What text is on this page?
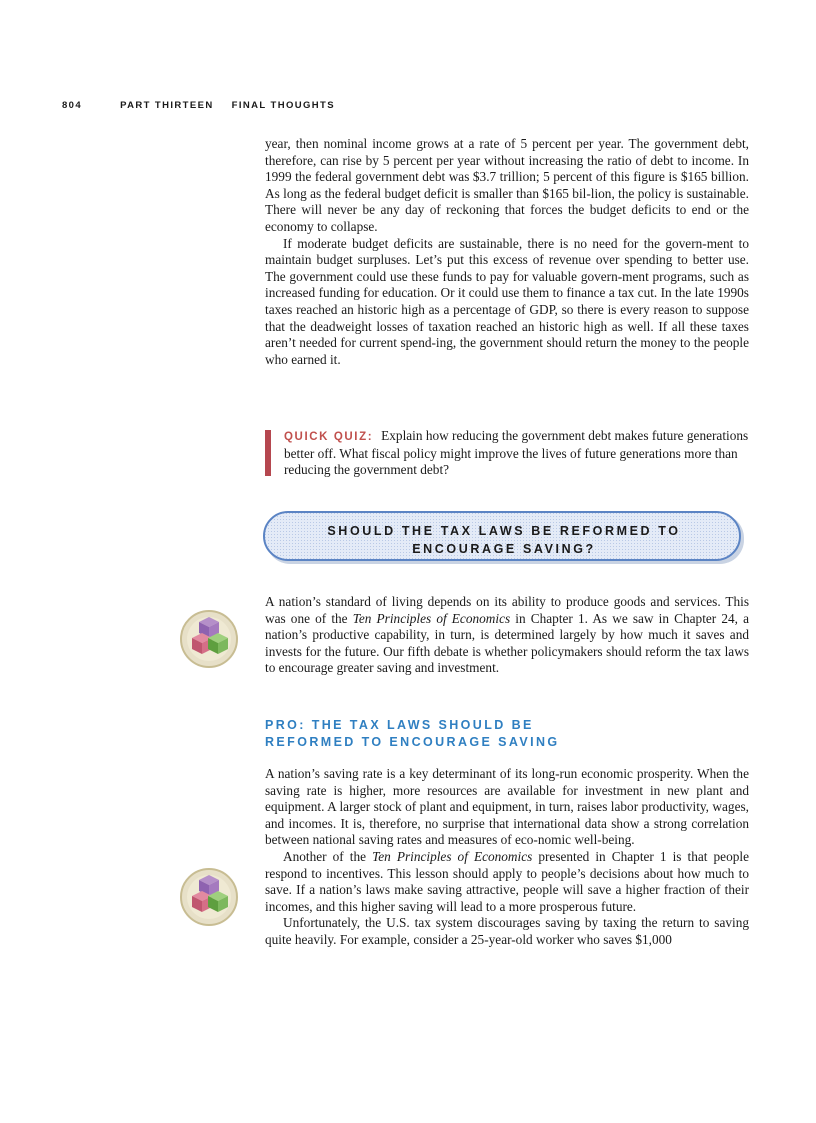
804	PART THIRTEEN FINAL THOUGHTS

year, then nominal income grows at a rate of 5 percent per year. The government debt, therefore, can rise by 5 percent per year without increasing the ratio of debt to income. In 1999 the federal government debt was $3.7 trillion; 5 percent of this figure is $165 billion. As long as the federal budget deficit is smaller than $165 bil-lion, the policy is sustainable. There will never be any day of reckoning that forces the budget deficits to end or the economy to collapse.

If moderate budget deficits are sustainable, there is no need for the govern-ment to maintain budget surpluses. Let’s put this excess of revenue over spending to better use. The government could use these funds to pay for valuable govern-ment programs, such as increased funding for education. Or it could use them to finance a tax cut. In the late 1990s taxes reached an historic high as a percentage of GDP, so there is every reason to suppose that the deadweight losses of taxation reached an historic high as well. If all these taxes aren’t needed for current spend-ing, the government should return the money to the people who earned it.

QUICK QUIZ: Explain how reducing the government debt makes future generations better off. What fiscal policy might improve the lives of future generations more than reducing the government debt?

SHOULD THE TAX LAWS BE REFORMED TO
ENCOURAGE SAVING?

A nation’s standard of living depends on its ability to produce goods and services. This was one of the Ten Principles of Economics in Chapter 1. As we saw in Chapter 24, a nation’s productive capability, in turn, is determined largely by how much it saves and invests for the future. Our fifth debate is whether policymakers should reform the tax laws to encourage greater saving and investment.

PRO: THE TAX LAWS SHOULD BE
REFORMED TO ENCOURAGE SAVING

A nation’s saving rate is a key determinant of its long-run economic prosperity. When the saving rate is higher, more resources are available for investment in new plant and equipment. A larger stock of plant and equipment, in turn, raises labor productivity, wages, and incomes. It is, therefore, no surprise that international data show a strong correlation between national saving rates and measures of eco-nomic well-being.

Another of the Ten Principles of Economics presented in Chapter 1 is that people respond to incentives. This lesson should apply to people’s decisions about how much to save. If a nation’s laws make saving attractive, people will save a higher fraction of their incomes, and this higher saving will lead to a more prosperous future.

Unfortunately, the U.S. tax system discourages saving by taxing the return to saving quite heavily. For example, consider a 25-year-old worker who saves $1,000
